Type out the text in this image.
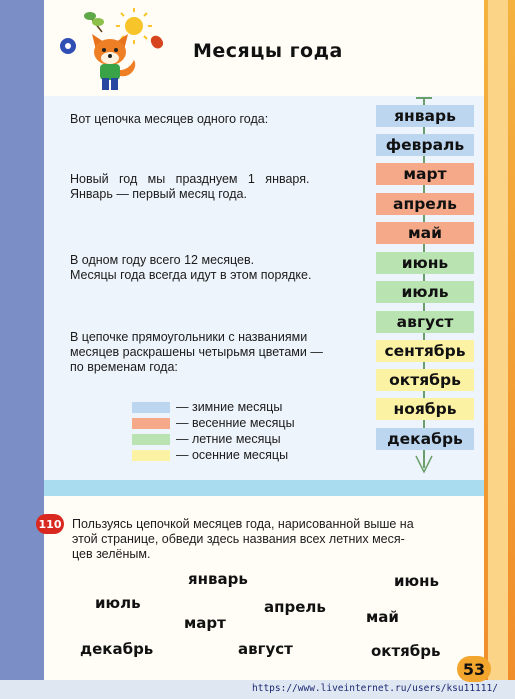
Месяцы года
Вот цепочка месяцев одного года:
Новый   год   мы   празднуем   1   января.
Январь — первый месяц года.
В одном году всего 12 месяцев.
Месяцы года всегда идут в этом порядке.
В цепочке прямоугольники с названиями
месяцев раскрашены четырьмя цветами —
по временам года:
— зимние месяцы
— весенние месяцы
— летние месяцы
— осенние месяцы
январь
февраль
март
апрель
май
июнь
июль
август
сентябрь
октябрь
ноябрь
декабрь
110 Пользуясь цепочкой месяцев года, нарисованной выше на
этой странице, обведи здесь названия всех летних меся-
цев зелёным.
январь	июнь
июль	апрель
март	май
декабрь	август	октябрь
53
https://www.liveinternet.ru/users/ksu11111/
